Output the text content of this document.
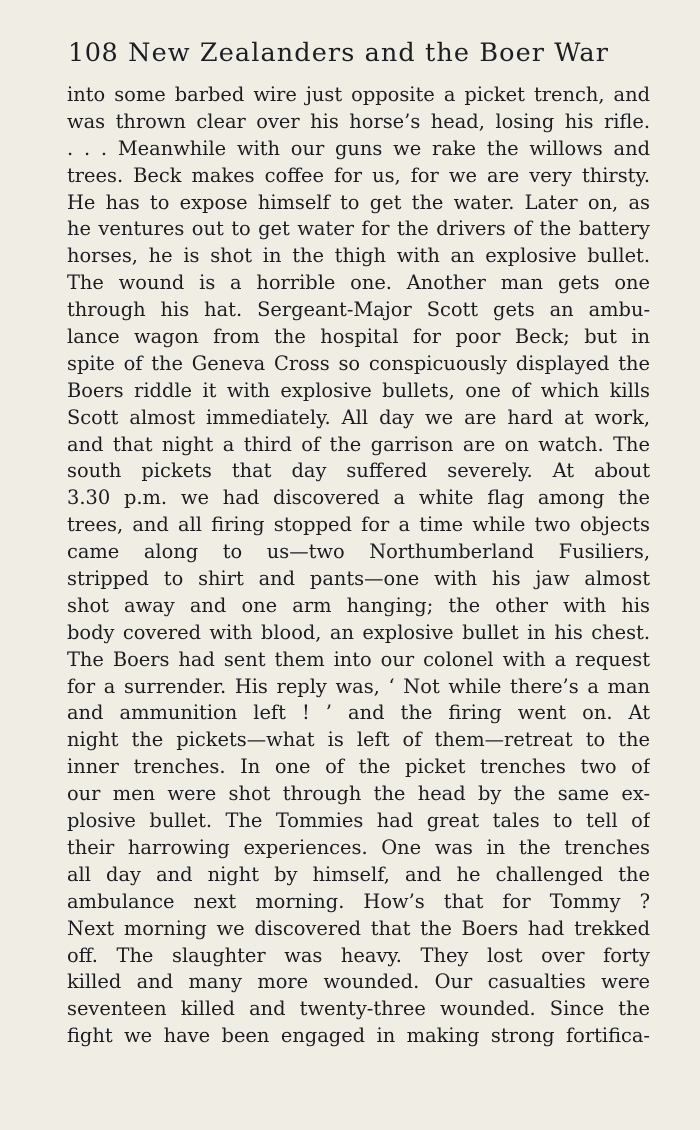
108 New Zealanders and the Boer War
into some barbed wire just opposite a picket trench, and
was thrown clear over his horse’s head, losing his rifle.
. . . Meanwhile with our guns we rake the willows and
trees. Beck makes coffee for us, for we are very thirsty.
He has to expose himself to get the water. Later on, as
he ventures out to get water for the drivers of the battery
horses, he is shot in the thigh with an explosive bullet.
The wound is a horrible one. Another man gets one
through his hat. Sergeant-Major Scott gets an ambu-
lance wagon from the hospital for poor Beck; but in
spite of the Geneva Cross so conspicuously displayed the
Boers riddle it with explosive bullets, one of which kills
Scott almost immediately. All day we are hard at work,
and that night a third of the garrison are on watch. The
south pickets that day suffered severely. At about
3.30 p.m. we had discovered a white flag among the
trees, and all firing stopped for a time while two objects
came along to us—two Northumberland Fusiliers,
stripped to shirt and pants—one with his jaw almost
shot away and one arm hanging; the other with his
body covered with blood, an explosive bullet in his chest.
The Boers had sent them into our colonel with a request
for a surrender. His reply was, ‘ Not while there’s a man
and ammunition left ! ’ and the firing went on. At
night the pickets—what is left of them—retreat to the
inner trenches. In one of the picket trenches two of
our men were shot through the head by the same ex-
plosive bullet. The Tommies had great tales to tell of
their harrowing experiences. One was in the trenches
all day and night by himself, and he challenged the
ambulance next morning. How’s that for Tommy ?
Next morning we discovered that the Boers had trekked
off. The slaughter was heavy. They lost over forty
killed and many more wounded. Our casualties were
seventeen killed and twenty-three wounded. Since the
fight we have been engaged in making strong fortifica-
